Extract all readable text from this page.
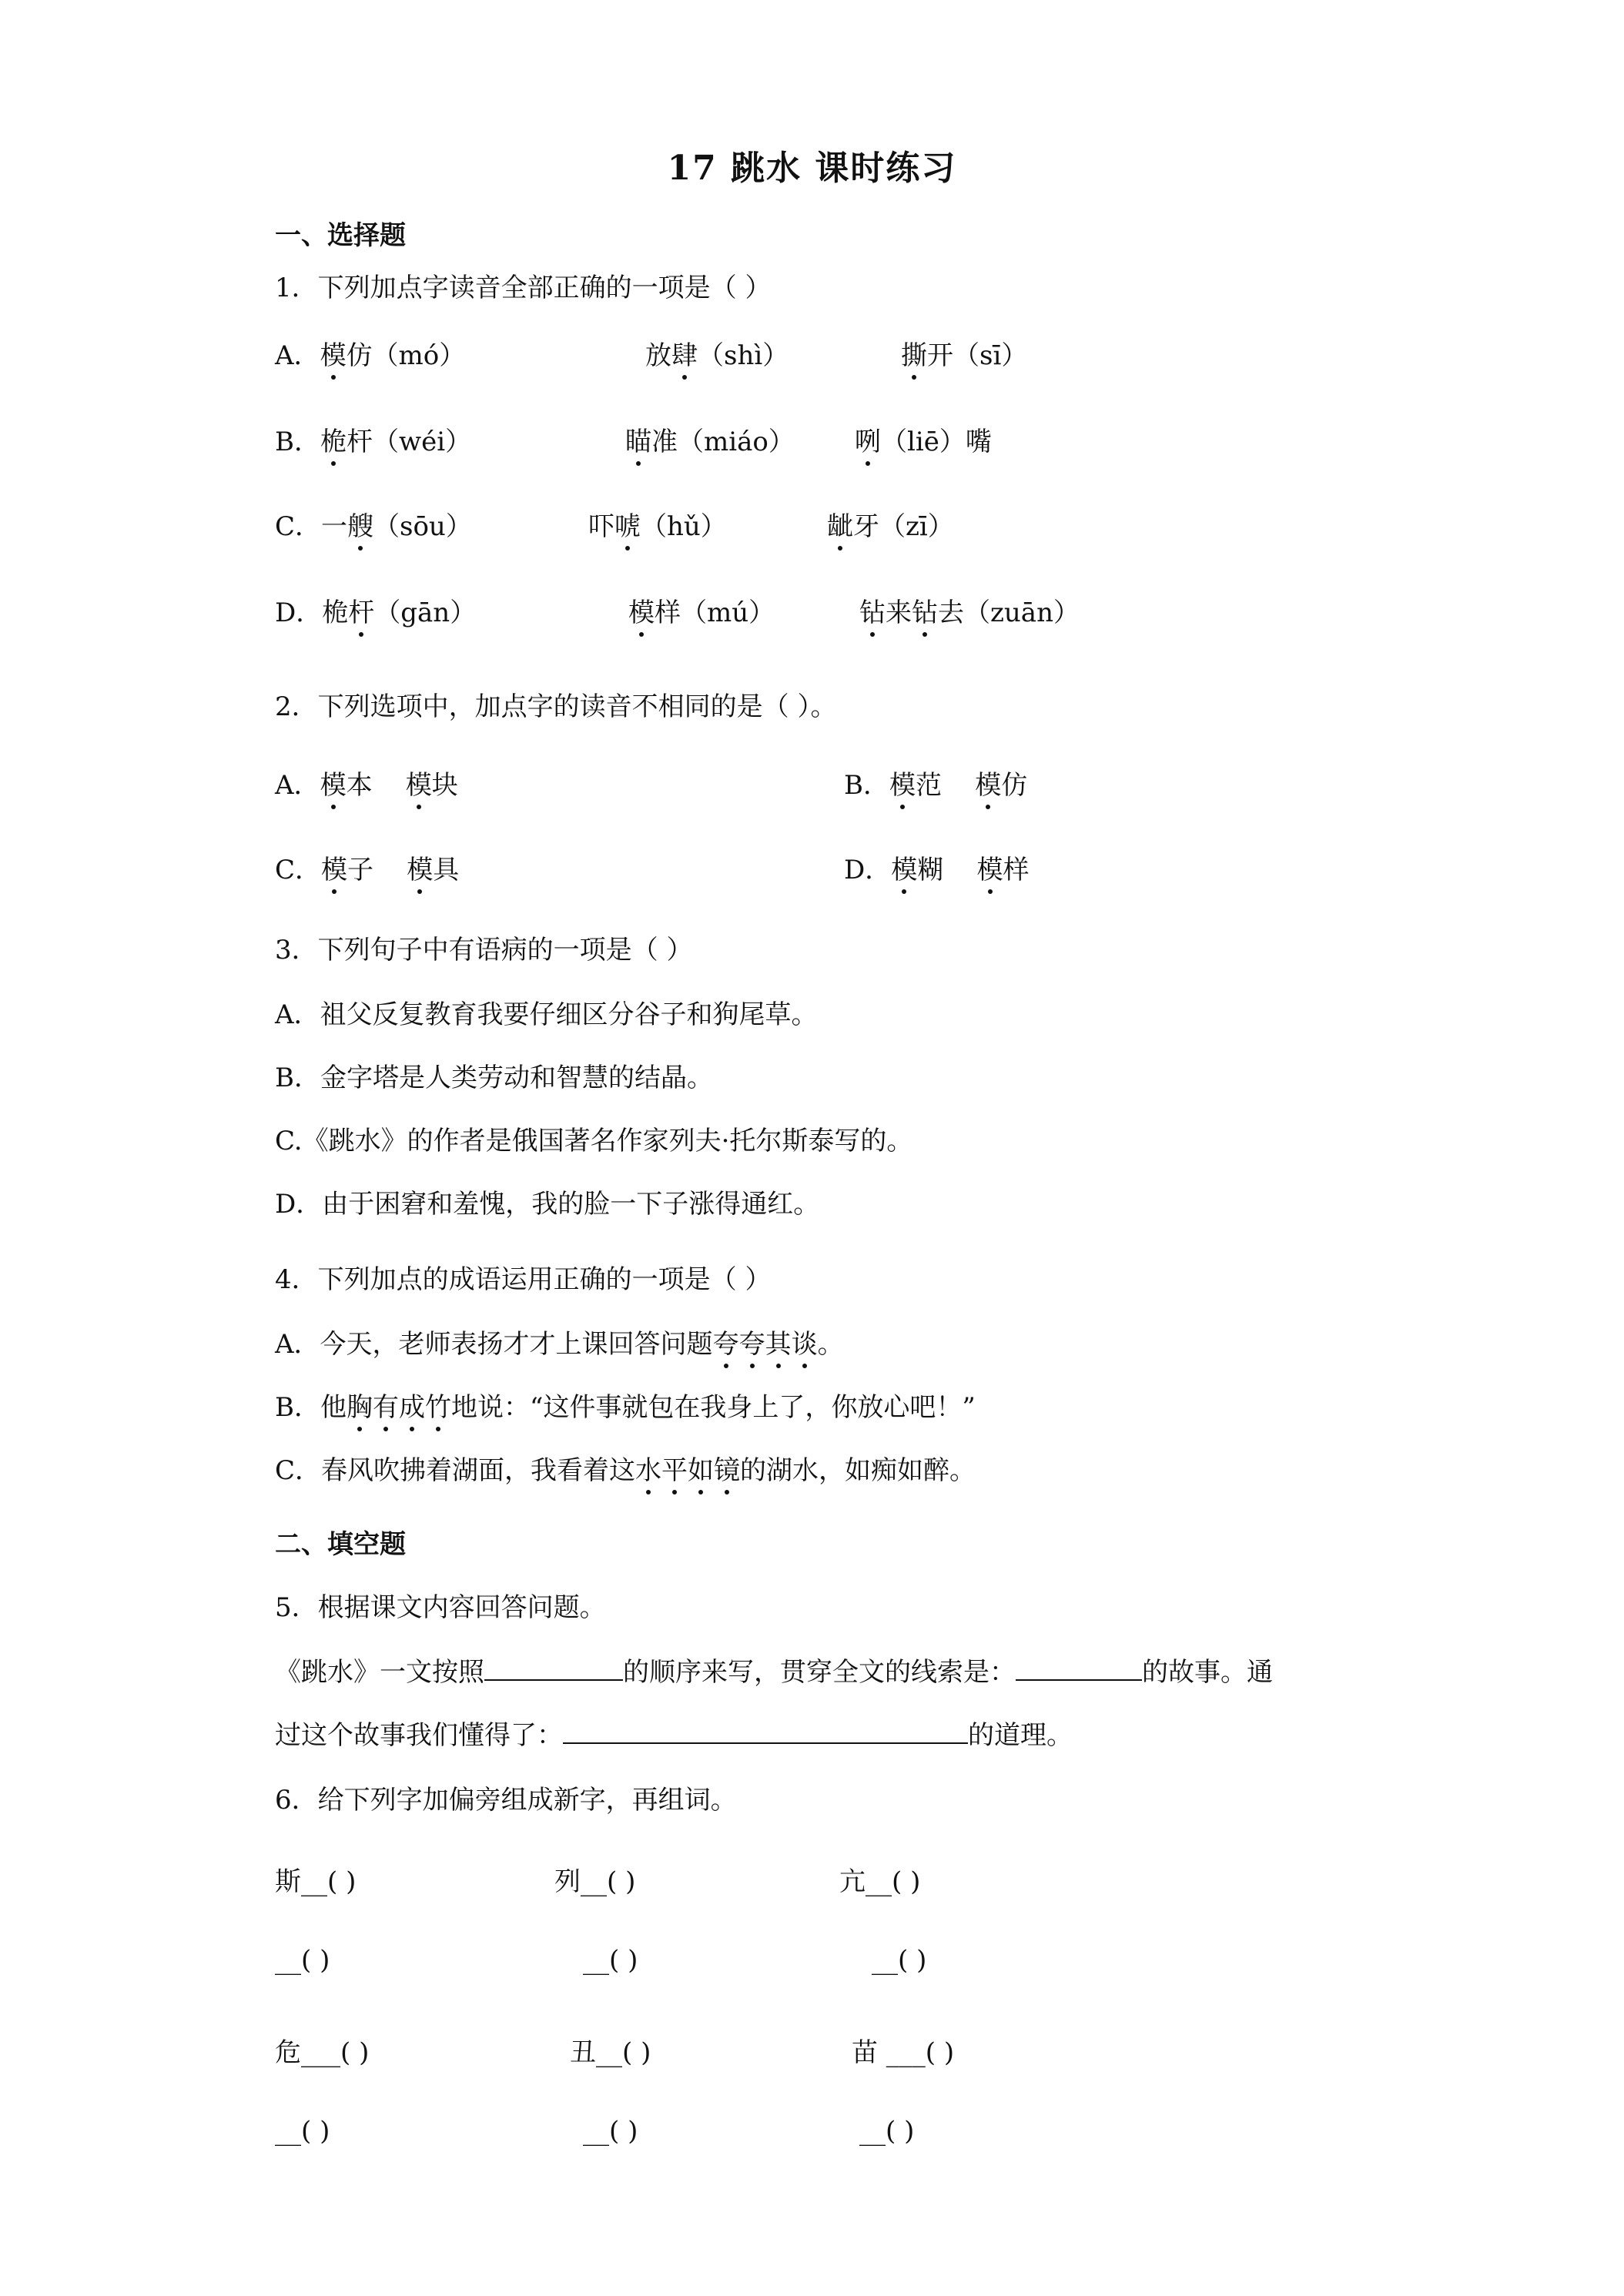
17 跳水 课时练习
一、选择题
1．下列加点字读音全部正确的一项是（ ）
A．模仿（mó）	放肆（shì）	撕开（sī）
B．桅杆（wéi）	瞄准（miáo） 咧（liē）嘴
C．一艘（sōu）	吓唬（hǔ）	龇牙（zī）
D．桅杆（gān）	模样（mú）	钻来钻去（zuān）
2．下列选项中，加点字的读音不相同的是（ ）。
A．模本 模块	B．模范 模仿
C．模子 模具	D．模糊 模样
3．下列句子中有语病的一项是（ ）
A．祖父反复教育我要仔细区分谷子和狗尾草。
B．金字塔是人类劳动和智慧的结晶。
C.《跳水》的作者是俄国著名作家列夫·托尔斯泰写的。
D．由于困窘和羞愧，我的脸一下子涨得通红。
4．下列加点的成语运用正确的一项是（ ）
A．今天，老师表扬才才上课回答问题夸夸其谈。
B．他胸有成竹地说：“这件事就包在我身上了，你放心吧！”
C．春风吹拂着湖面，我看着这水平如镜的湖水，如痴如醉。
二、填空题
5．根据课文内容回答问题。
《跳水》一文按照	的顺序来写，贯穿全文的线索是：	的故事。通
过这个故事我们懂得了：	的道理。
6．给下列字加偏旁组成新字，再组词。
斯__( )	列__( )	亢__( )
__( )	__( )	__( )
危___( )	丑__( )	苗 ___( )
__( )	__( )	__( )
